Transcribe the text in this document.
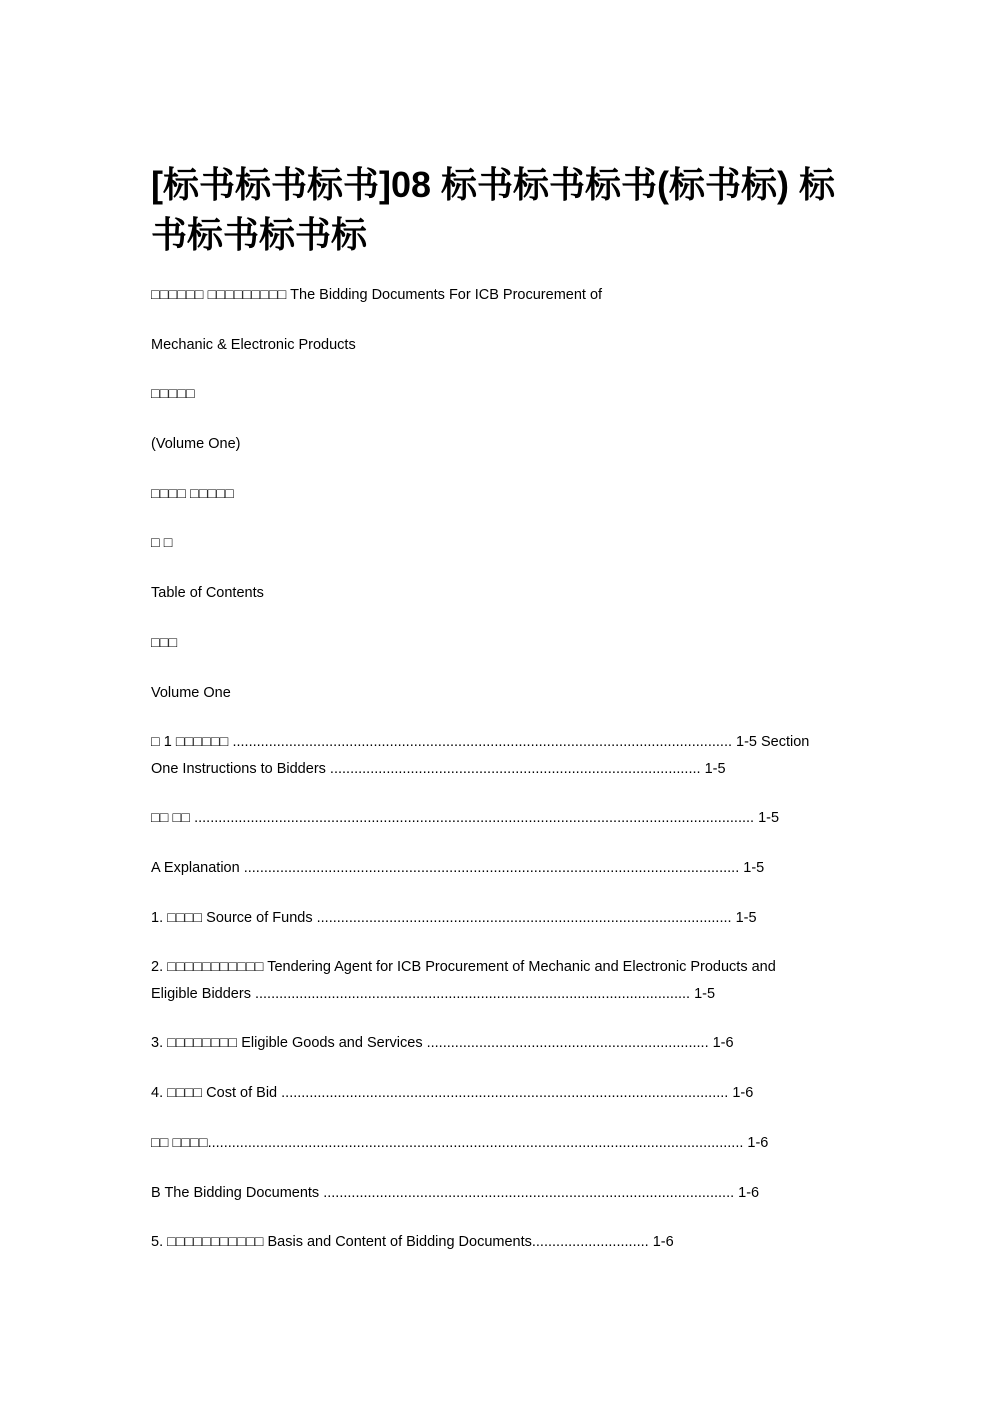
[标书标书标书]08 标书标书标书(标书标) 标书标书标书标
□□□□□□ □□□□□□□□□ The Bidding Documents For ICB Procurement of
Mechanic & Electronic Products
□□□□□
(Volume One)
□□□□ □□□□□
□ □
Table of Contents
□□□
Volume One
□ 1 □□□□□□ ............................................................................................................................ 1-5 Section
One Instructions to Bidders ............................................................................................ 1-5
□□ □□ ........................................................................................................................................... 1-5
A Explanation ........................................................................................................................... 1-5
1. □□□□ Source of Funds ....................................................................................................... 1-5
2. □□□□□□□□□□□ Tendering Agent for ICB Procurement of Mechanic and Electronic Products and
Eligible Bidders ............................................................................................................ 1-5
3. □□□□□□□□ Eligible Goods and Services ...................................................................... 1-6
4. □□□□ Cost of Bid ............................................................................................................... 1-6
□□ □□□□..................................................................................................................................... 1-6
B The Bidding Documents ...................................................................................................... 1-6
5. □□□□□□□□□□□ Basis and Content of Bidding Documents............................. 1-6
